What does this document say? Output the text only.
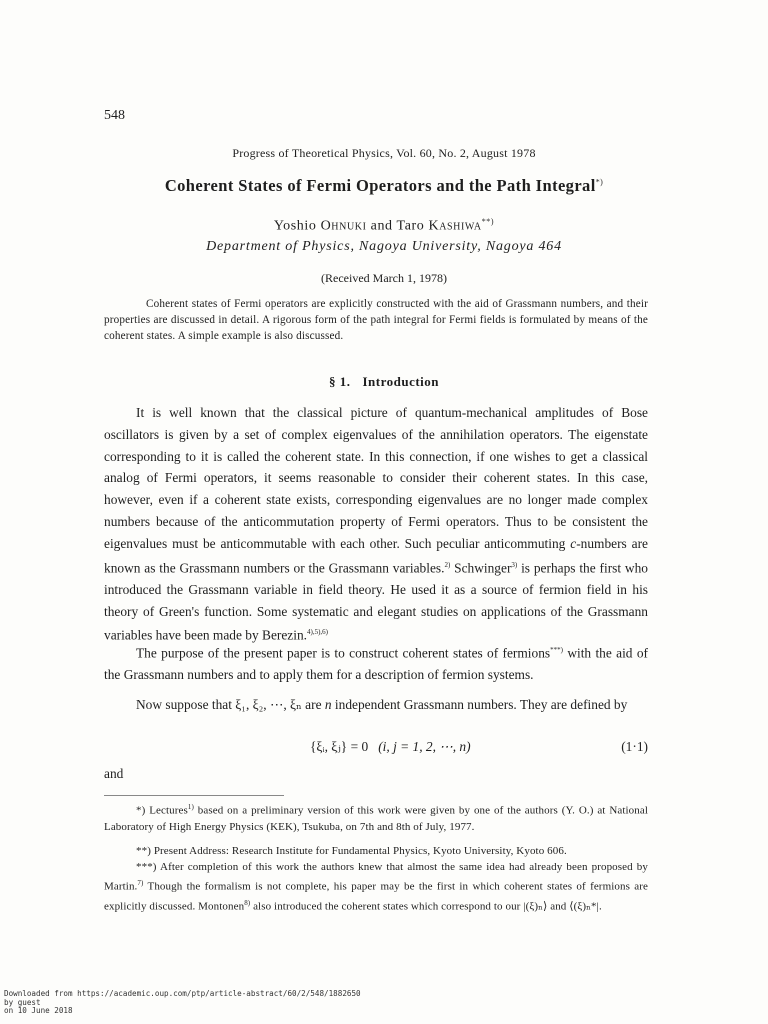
548
Progress of Theoretical Physics, Vol. 60, No. 2, August 1978
Coherent States of Fermi Operators and the Path Integral*)
Yoshio Ohnuki and Taro Kashiwa**)
Department of Physics, Nagoya University, Nagoya 464
(Received March 1, 1978)
Coherent states of Fermi operators are explicitly constructed with the aid of Grassmann numbers, and their properties are discussed in detail. A rigorous form of the path integral for Fermi fields is formulated by means of the coherent states. A simple example is also discussed.
§ 1. Introduction
It is well known that the classical picture of quantum-mechanical amplitudes of Bose oscillators is given by a set of complex eigenvalues of the annihilation operators. The eigenstate corresponding to it is called the coherent state. In this connection, if one wishes to get a classical analog of Fermi operators, it seems reasonable to consider their coherent states. In this case, however, even if a coherent state exists, corresponding eigenvalues are no longer made complex numbers because of the anticommutation property of Fermi operators. Thus to be consistent the eigenvalues must be anticommutable with each other. Such peculiar anticommuting c-numbers are known as the Grassmann numbers or the Grassmann variables.$^{2)}$ Schwinger$^{3)}$ is perhaps the first who introduced the Grassmann variable in field theory. He used it as a source of fermion field in his theory of Green's function. Some systematic and elegant studies on applications of the Grassmann variables have been made by Berezin.$^{4),5),6)}$
The purpose of the present paper is to construct coherent states of fermions***) with the aid of the Grassmann numbers and to apply them for a description of fermion systems.
Now suppose that ξ₁, ξ₂, ⋯, ξₙ are n independent Grassmann numbers. They are defined by
{ξᵢ, ξⱼ} = 0 (i, j = 1, 2, ⋯, n)	(1·1)
and
*) Lectures$^{1)}$ based on a preliminary version of this work were given by one of the authors (Y. O.) at National Laboratory of High Energy Physics (KEK), Tsukuba, on 7th and 8th of July, 1977.
**) Present Address: Research Institute for Fundamental Physics, Kyoto University, Kyoto 606.
***) After completion of this work the authors knew that almost the same idea had already been proposed by Martin.$^{7)}$ Though the formalism is not complete, his paper may be the first in which coherent states of fermions are explicitly discussed. Montonen$^{8)}$ also introduced the coherent states which correspond to our |(ξ)ₙ⟩ and ⟨(ξ)ₙ*|.
Downloaded from https://academic.oup.com/ptp/article-abstract/60/2/548/1882650
by guest
on 10 June 2018
